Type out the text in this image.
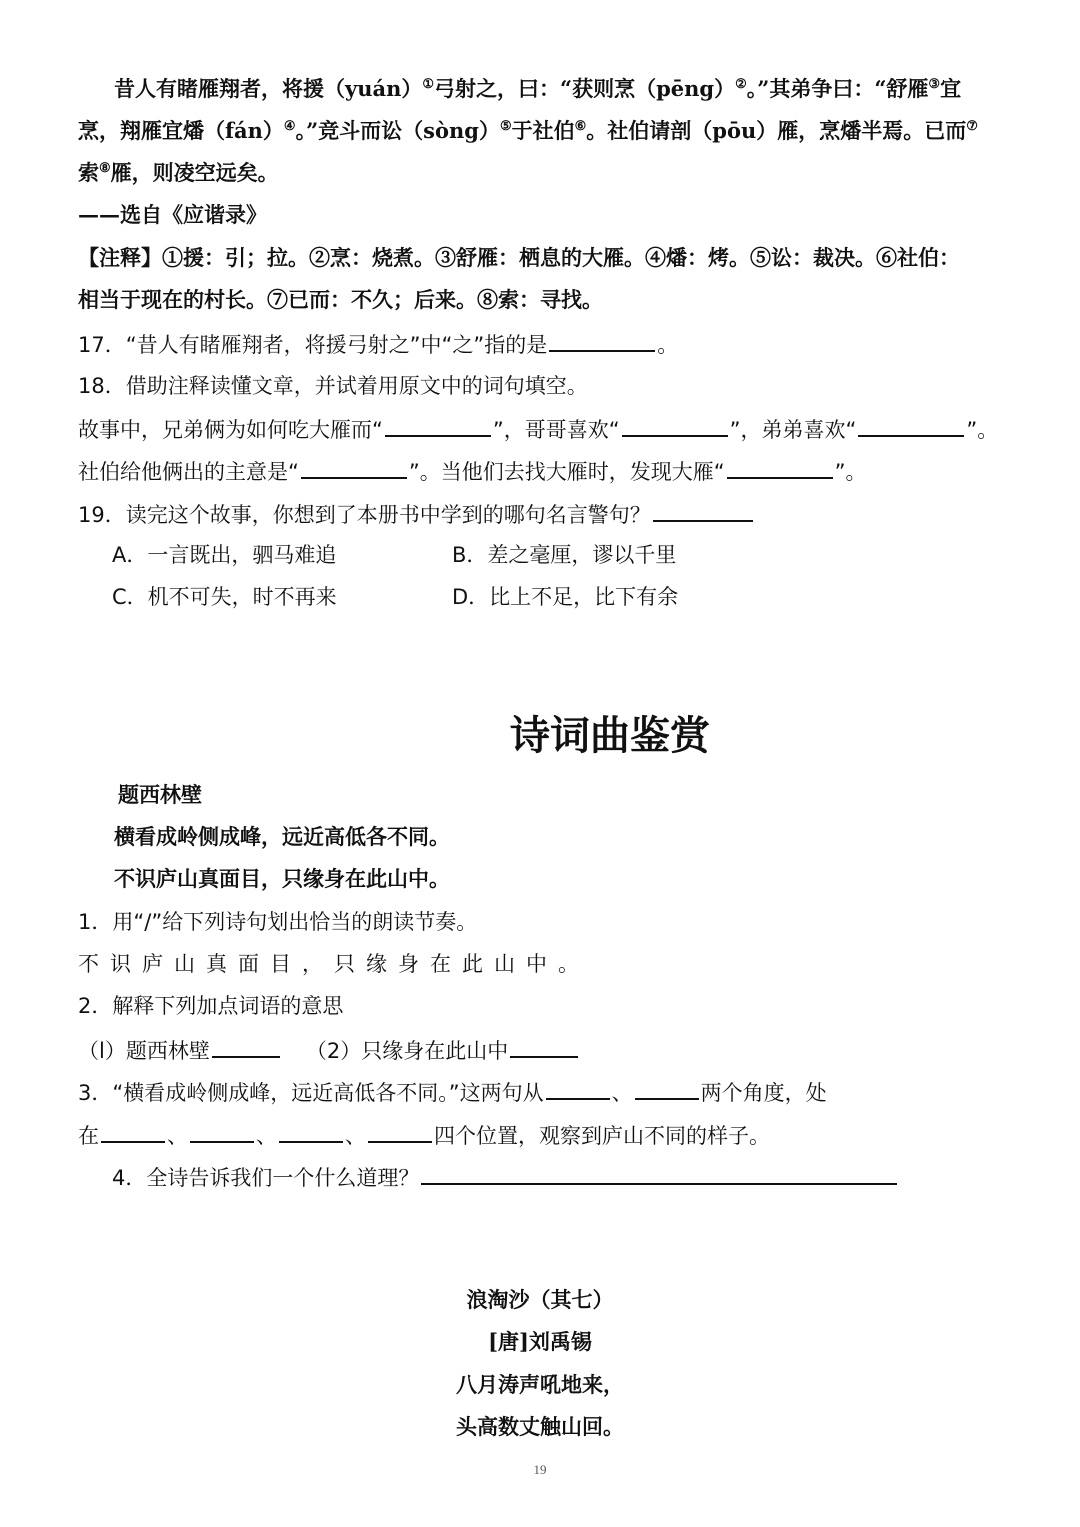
昔人有睹雁翔者，将援（yuán）①弓射之，曰：“获则烹（pēng）②。”其弟争曰：“舒雁③宜
烹，翔雁宜燔（fán）④。”竞斗而讼（sòng）⑤于社伯⑥。社伯请剖（pōu）雁，烹燔半焉。已而⑦
索⑧雁，则凌空远矣。
——选自《应谐录》
【注释】①援：引；拉。②烹：烧煮。③舒雁：栖息的大雁。④燔：烤。⑤讼：裁决。⑥社伯：
相当于现在的村长。⑦已而：不久；后来。⑧索：寻找。
17．“昔人有睹雁翔者，将援弓射之”中“之”指的是	。
18．借助注释读懂文章，并试着用原文中的词句填空。
故事中，兄弟俩为如何吃大雁而“	”，哥哥喜欢“	”，弟弟喜欢“	”。
社伯给他俩出的主意是“	”。当他们去找大雁时，发现大雁“	”。
19．读完这个故事，你想到了本册书中学到的哪句名言警句？
A．一言既出，驷马难追	B．差之毫厘，谬以千里
C．机不可失，时不再来	D．比上不足，比下有余
诗词曲鉴赏
题西林壁
横看成岭侧成峰，远近高低各不同。
不识庐山真面目，只缘身在此山中。
1．用“/”给下列诗句划出恰当的朗读节奏。
不识庐山真面目，只缘身在此山中。
2．解释下列加点词语的意思
（l）题西林壁	（2）只缘身在此山中
3．“横看成岭侧成峰，远近高低各不同。”这两句从	、	两个角度，处
在	、	、	、	四个位置，观察到庐山不同的样子。
4．全诗告诉我们一个什么道理？
浪淘沙（其七）
[唐]刘禹锡
八月涛声吼地来，
头高数丈触山回。
19
